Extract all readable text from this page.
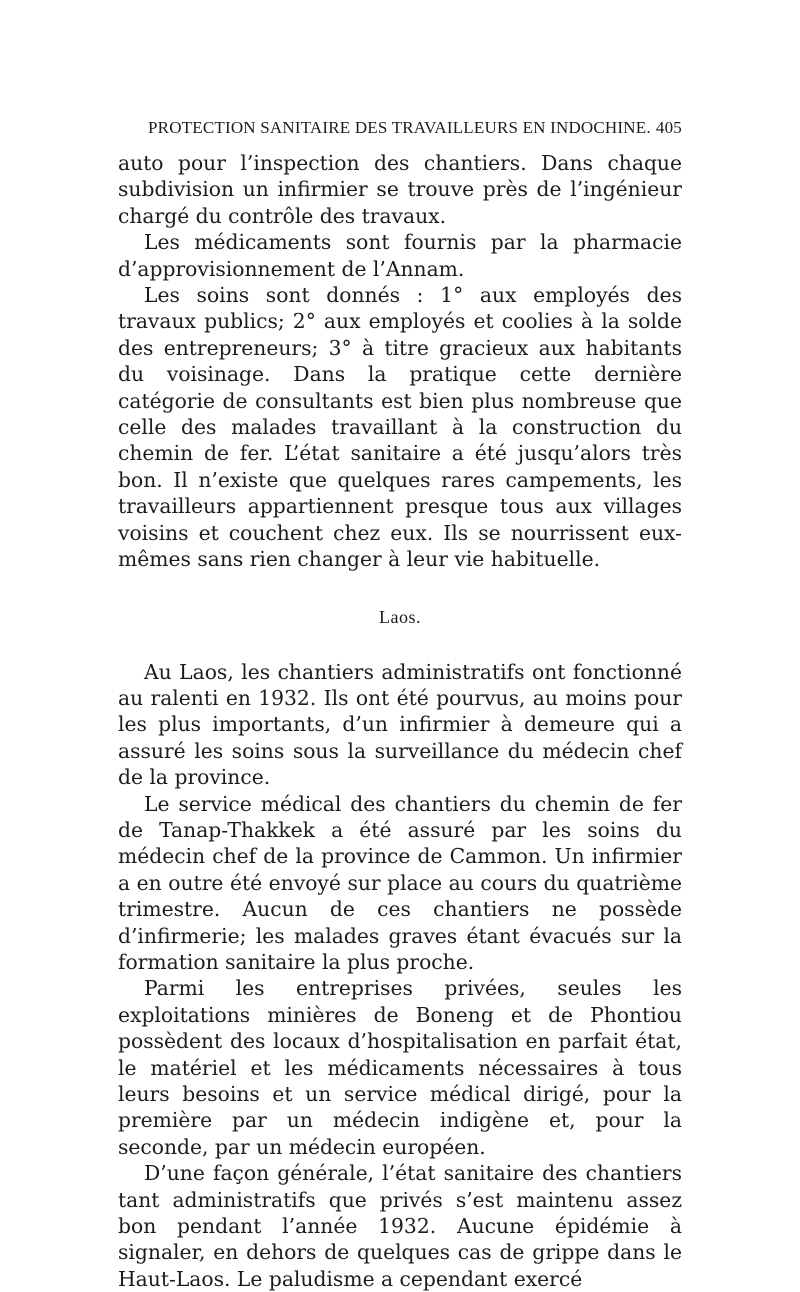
PROTECTION SANITAIRE DES TRAVAILLEURS EN INDOCHINE. 405

auto pour l’inspection des chantiers. Dans chaque subdivision un infirmier se trouve près de l’ingénieur chargé du contrôle des travaux.

Les médicaments sont fournis par la pharmacie d’approvisionnement de l’Annam.

Les soins sont donnés : 1° aux employés des travaux publics; 2° aux employés et coolies à la solde des entrepreneurs; 3° à titre gracieux aux habitants du voisinage. Dans la pratique cette dernière catégorie de consultants est bien plus nombreuse que celle des malades travaillant à la construction du chemin de fer. L’état sanitaire a été jusqu’alors très bon. Il n’existe que quelques rares campements, les travailleurs appartiennent presque tous aux villages voisins et couchent chez eux. Ils se nourrissent eux-mêmes sans rien changer à leur vie habituelle.

Laos.

Au Laos, les chantiers administratifs ont fonctionné au ralenti en 1932. Ils ont été pourvus, au moins pour les plus importants, d’un infirmier à demeure qui a assuré les soins sous la surveillance du médecin chef de la province.

Le service médical des chantiers du chemin de fer de Tanap-Thakkek a été assuré par les soins du médecin chef de la province de Cammon. Un infirmier a en outre été envoyé sur place au cours du quatrième trimestre. Aucun de ces chantiers ne possède d’infirmerie; les malades graves étant évacués sur la formation sanitaire la plus proche.

Parmi les entreprises privées, seules les exploitations minières de Boneng et de Phontiou possèdent des locaux d’hospitalisation en parfait état, le matériel et les médicaments nécessaires à tous leurs besoins et un service médical dirigé, pour la première par un médecin indigène et, pour la seconde, par un médecin européen.

D’une façon générale, l’état sanitaire des chantiers tant administratifs que privés s’est maintenu assez bon pendant l’année 1932. Aucune épidémie à signaler, en dehors de quelques cas de grippe dans le Haut-Laos. Le paludisme a cependant exercé
